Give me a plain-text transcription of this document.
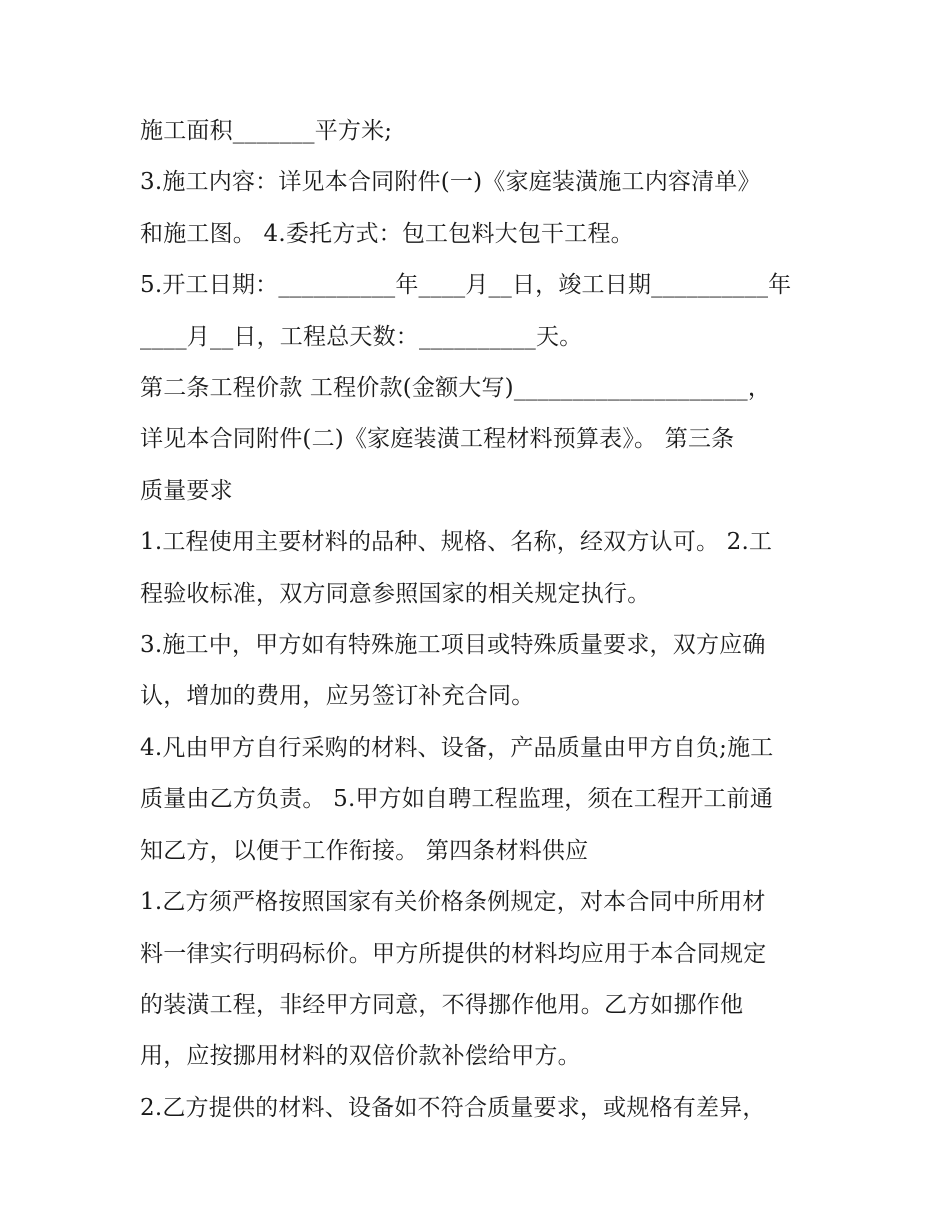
施工面积_______平方米;

3.施工内容：详见本合同附件(一)《家庭装潢施工内容清单》

和施工图。 4.委托方式：包工包料大包干工程。

5.开工日期：__________年____月__日，竣工日期__________年

____月__日，工程总天数：__________天。

第二条工程价款 工程价款(金额大写)____________________，

详见本合同附件(二)《家庭装潢工程材料预算表》。 第三条

质量要求

1.工程使用主要材料的品种、规格、名称，经双方认可。 2.工

程验收标准，双方同意参照国家的相关规定执行。

3.施工中，甲方如有特殊施工项目或特殊质量要求，双方应确

认，增加的费用，应另签订补充合同。

4.凡由甲方自行采购的材料、设备，产品质量由甲方自负;施工

质量由乙方负责。 5.甲方如自聘工程监理，须在工程开工前通

知乙方，以便于工作衔接。 第四条材料供应

1.乙方须严格按照国家有关价格条例规定，对本合同中所用材

料一律实行明码标价。甲方所提供的材料均应用于本合同规定

的装潢工程，非经甲方同意，不得挪作他用。乙方如挪作他

用，应按挪用材料的双倍价款补偿给甲方。

2.乙方提供的材料、设备如不符合质量要求，或规格有差异，
